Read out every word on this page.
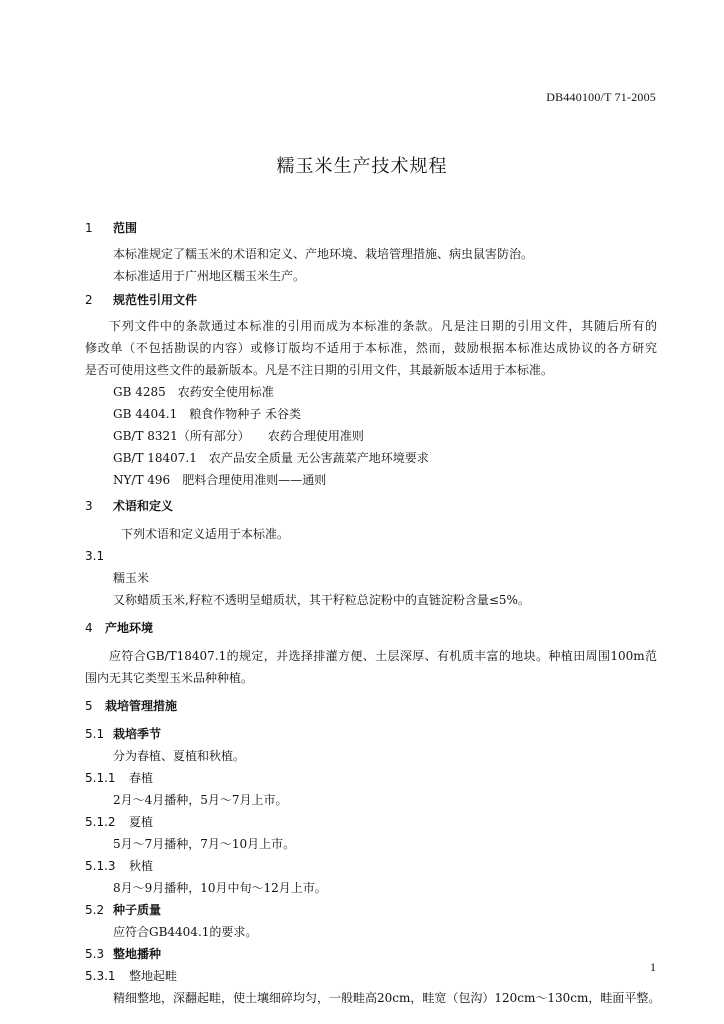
DB440100/T 71-2005
糯玉米生产技术规程
1 范围
本标准规定了糯玉米的术语和定义、产地环境、栽培管理措施、病虫鼠害防治。
本标准适用于广州地区糯玉米生产。
2 规范性引用文件
下列文件中的条款通过本标准的引用而成为本标准的条款。凡是注日期的引用文件，其随后所有的
修改单（不包括勘误的内容）或修订版均不适用于本标准，然而，鼓励根据本标准达成协议的各方研究
是否可使用这些文件的最新版本。凡是不注日期的引用文件，其最新版本适用于本标准。
GB 4285 农药安全使用标准
GB 4404.1 粮食作物种子 禾谷类
GB/T 8321（所有部分） 农药合理使用准则
GB/T 18407.1 农产品安全质量 无公害蔬菜产地环境要求
NY/T 496 肥料合理使用准则——通则
3 术语和定义
下列术语和定义适用于本标准。
3.1
糯玉米
又称蜡质玉米,籽粒不透明呈蜡质状，其干籽粒总淀粉中的直链淀粉含量≤5%。
4 产地环境
应符合GB/T18407.1的规定，并选择排灌方便、土层深厚、有机质丰富的地块。种植田周围100m范
围内无其它类型玉米品种种植。
5 栽培管理措施
5.1 栽培季节
分为春植、夏植和秋植。
5.1.1 春植
2月～4月播种，5月～7月上市。
5.1.2 夏植
5月～7月播种，7月～10月上市。
5.1.3 秋植
8月～9月播种，10月中旬～12月上市。
5.2 种子质量
应符合GB4404.1的要求。
5.3 整地播种
5.3.1 整地起畦
精细整地，深翻起畦，使土壤细碎均匀，一般畦高20cm，畦宽（包沟）120cm～130cm，畦面平整。
1
